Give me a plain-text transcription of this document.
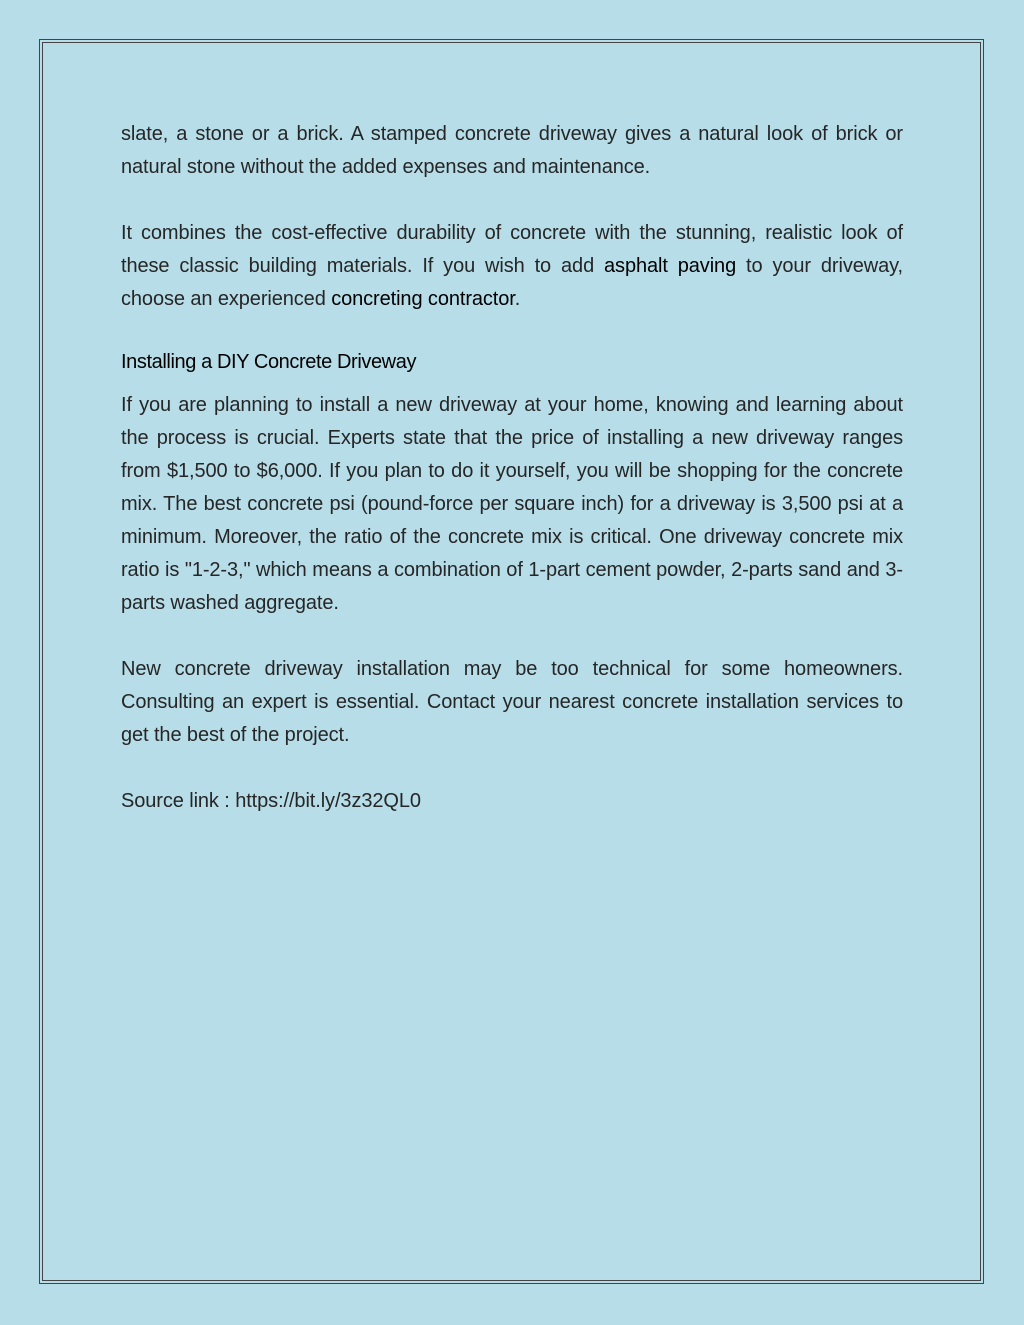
slate, a stone or a brick. A stamped concrete driveway gives a natural look of brick or natural stone without the added expenses and maintenance.

It combines the cost-effective durability of concrete with the stunning, realistic look of these classic building materials. If you wish to add asphalt paving to your driveway, choose an experienced concreting contractor.

Installing a DIY Concrete Driveway

If you are planning to install a new driveway at your home, knowing and learning about the process is crucial. Experts state that the price of installing a new driveway ranges from $1,500 to $6,000. If you plan to do it yourself, you will be shopping for the concrete mix. The best concrete psi (pound-force per square inch) for a driveway is 3,500 psi at a minimum. Moreover, the ratio of the concrete mix is critical. One driveway concrete mix ratio is "1-2-3," which means a combination of 1-part cement powder, 2-parts sand and 3-parts washed aggregate.

New concrete driveway installation may be too technical for some homeowners. Consulting an expert is essential. Contact your nearest concrete installation services to get the best of the project.

Source link : https://bit.ly/3z32QL0
